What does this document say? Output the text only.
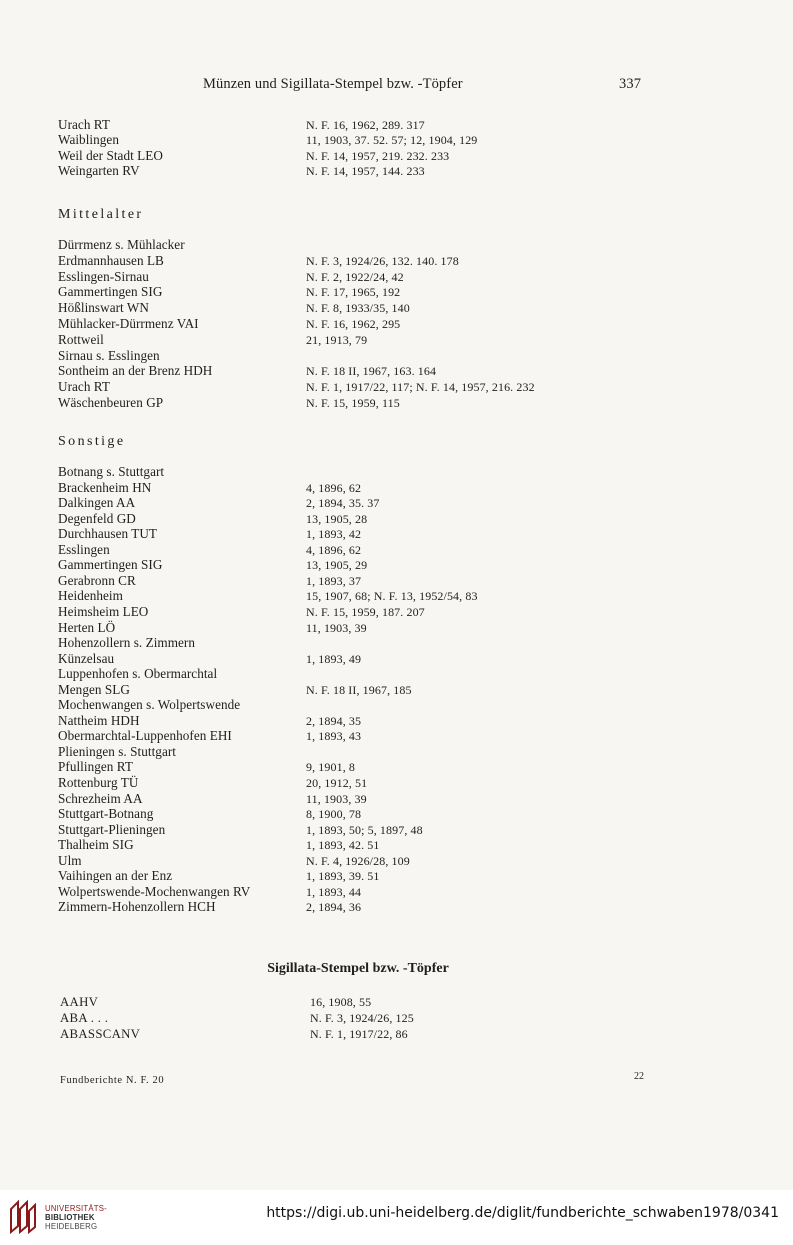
Münzen und Sigillata-Stempel bzw. -Töpfer	337
Urach RT	N. F. 16, 1962, 289. 317
Waiblingen	11, 1903, 37. 52. 57; 12, 1904, 129
Weil der Stadt LEO	N. F. 14, 1957, 219. 232. 233
Weingarten RV	N. F. 14, 1957, 144. 233
Mittelalter
Dürrmenz s. Mühlacker
Erdmannhausen LB	N. F. 3, 1924/26, 132. 140. 178
Esslingen-Sirnau	N. F. 2, 1922/24, 42
Gammertingen SIG	N. F. 17, 1965, 192
Hößlinswart WN	N. F. 8, 1933/35, 140
Mühlacker-Dürrmenz VAI	N. F. 16, 1962, 295
Rottweil	21, 1913, 79
Sirnau s. Esslingen
Sontheim an der Brenz HDH	N. F. 18 II, 1967, 163. 164
Urach RT	N. F. 1, 1917/22, 117; N. F. 14, 1957, 216. 232
Wäschenbeuren GP	N. F. 15, 1959, 115
Sonstige
Botnang s. Stuttgart
Brackenheim HN	4, 1896, 62
Dalkingen AA	2, 1894, 35. 37
Degenfeld GD	13, 1905, 28
Durchhausen TUT	1, 1893, 42
Esslingen	4, 1896, 62
Gammertingen SIG	13, 1905, 29
Gerabronn CR	1, 1893, 37
Heidenheim	15, 1907, 68; N. F. 13, 1952/54, 83
Heimsheim LEO	N. F. 15, 1959, 187. 207
Herten LÖ	11, 1903, 39
Hohenzollern s. Zimmern
Künzelsau	1, 1893, 49
Luppenhofen s. Obermarchtal
Mengen SLG	N. F. 18 II, 1967, 185
Mochenwangen s. Wolpertswende
Nattheim HDH	2, 1894, 35
Obermarchtal-Luppenhofen EHI	1, 1893, 43
Plieningen s. Stuttgart
Pfullingen RT	9, 1901, 8
Rottenburg TÜ	20, 1912, 51
Schrezheim AA	11, 1903, 39
Stuttgart-Botnang	8, 1900, 78
Stuttgart-Plieningen	1, 1893, 50; 5, 1897, 48
Thalheim SIG	1, 1893, 42. 51
Ulm	N. F. 4, 1926/28, 109
Vaihingen an der Enz	1, 1893, 39. 51
Wolpertswende-Mochenwangen RV	1, 1893, 44
Zimmern-Hohenzollern HCH	2, 1894, 36
Sigillata-Stempel bzw. -Töpfer
AAHV	16, 1908, 55
ABA . . .	N. F. 3, 1924/26, 125
ABASSCANV	N. F. 1, 1917/22, 86
Fundberichte N. F. 20	22
UNIVERSITÄTS-
BIBLIOTHEK
HEIDELBERG
https://digi.ub.uni-heidelberg.de/diglit/fundberichte_schwaben1978/0341
